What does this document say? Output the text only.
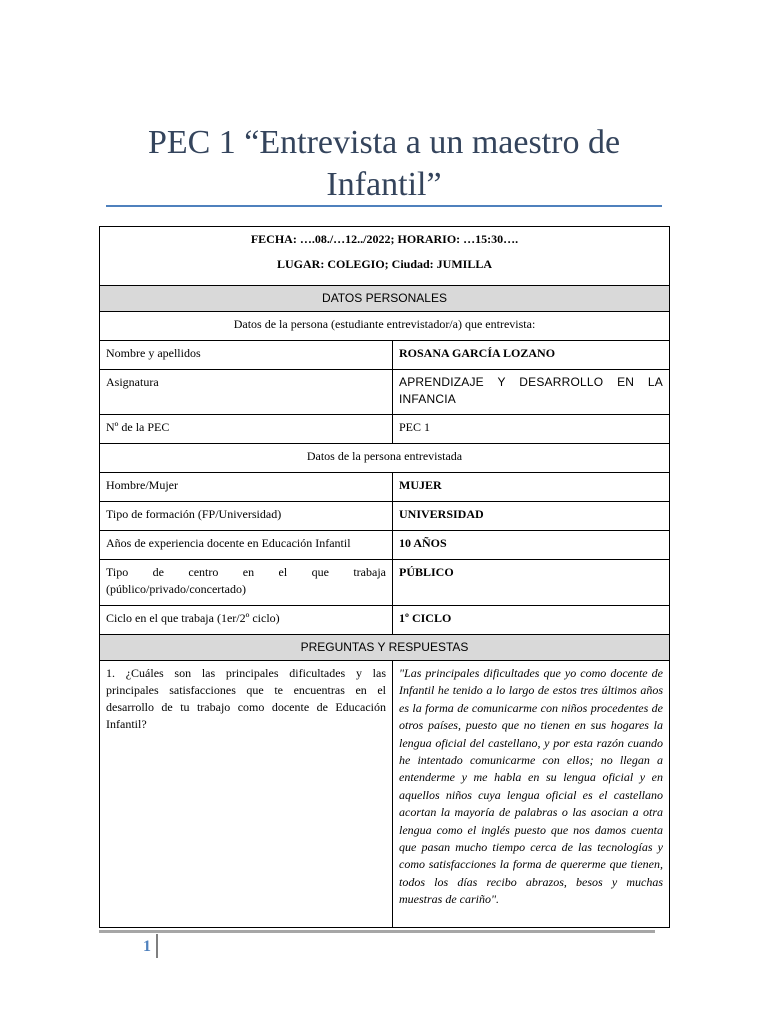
PEC 1 “Entrevista a un maestro de
Infantil”
FECHA: ….08./…12../2022; HORARIO: …15:30….
LUGAR: COLEGIO; Ciudad: JUMILLA	

DATOS PERSONALES	
Datos de la persona (estudiante entrevistador/a) que entrevista:	
Nombre y apellidos	ROSANA GARCÍA LOZANO
Asignatura	APRENDIZAJE Y DESARROLLO EN LA INFANCIA

Nº de la PEC	PEC 1
Datos de la persona entrevistada	
Hombre/Mujer	MUJER
Tipo de formación (FP/Universidad)	UNIVERSIDAD
Años de experiencia docente en Educación Infantil	10 AÑOS

Tipo de centro en el que trabaja (público/privado/concertado)	PÚBLICO
Ciclo en el que trabaja (1er/2º ciclo)	1º CICLO
PREGUNTAS Y RESPUESTAS	
1. ¿Cuáles son las principales dificultades y las principales satisfacciones que te encuentras en el desarrollo de tu trabajo como docente de Educación Infantil?	"Las principales dificultades que yo como docente de Infantil he tenido a lo largo de estos tres últimos años es la forma de comunicarme con niños procedentes de otros países, puesto que no tienen en sus hogares la lengua oficial del castellano, y por esta razón cuando he intentado comunicarme con ellos; no llegan a entenderme y me habla en su lengua oficial y en aquellos niños cuya lengua oficial es el castellano acortan la mayoría de palabras o las asocian a otra lengua como el inglés puesto que nos damos cuenta que pasan mucho tiempo cerca de las tecnologías y como satisfacciones la forma de quererme que tienen, todos los días recibo abrazos, besos y muchas muestras de cariño".
1
